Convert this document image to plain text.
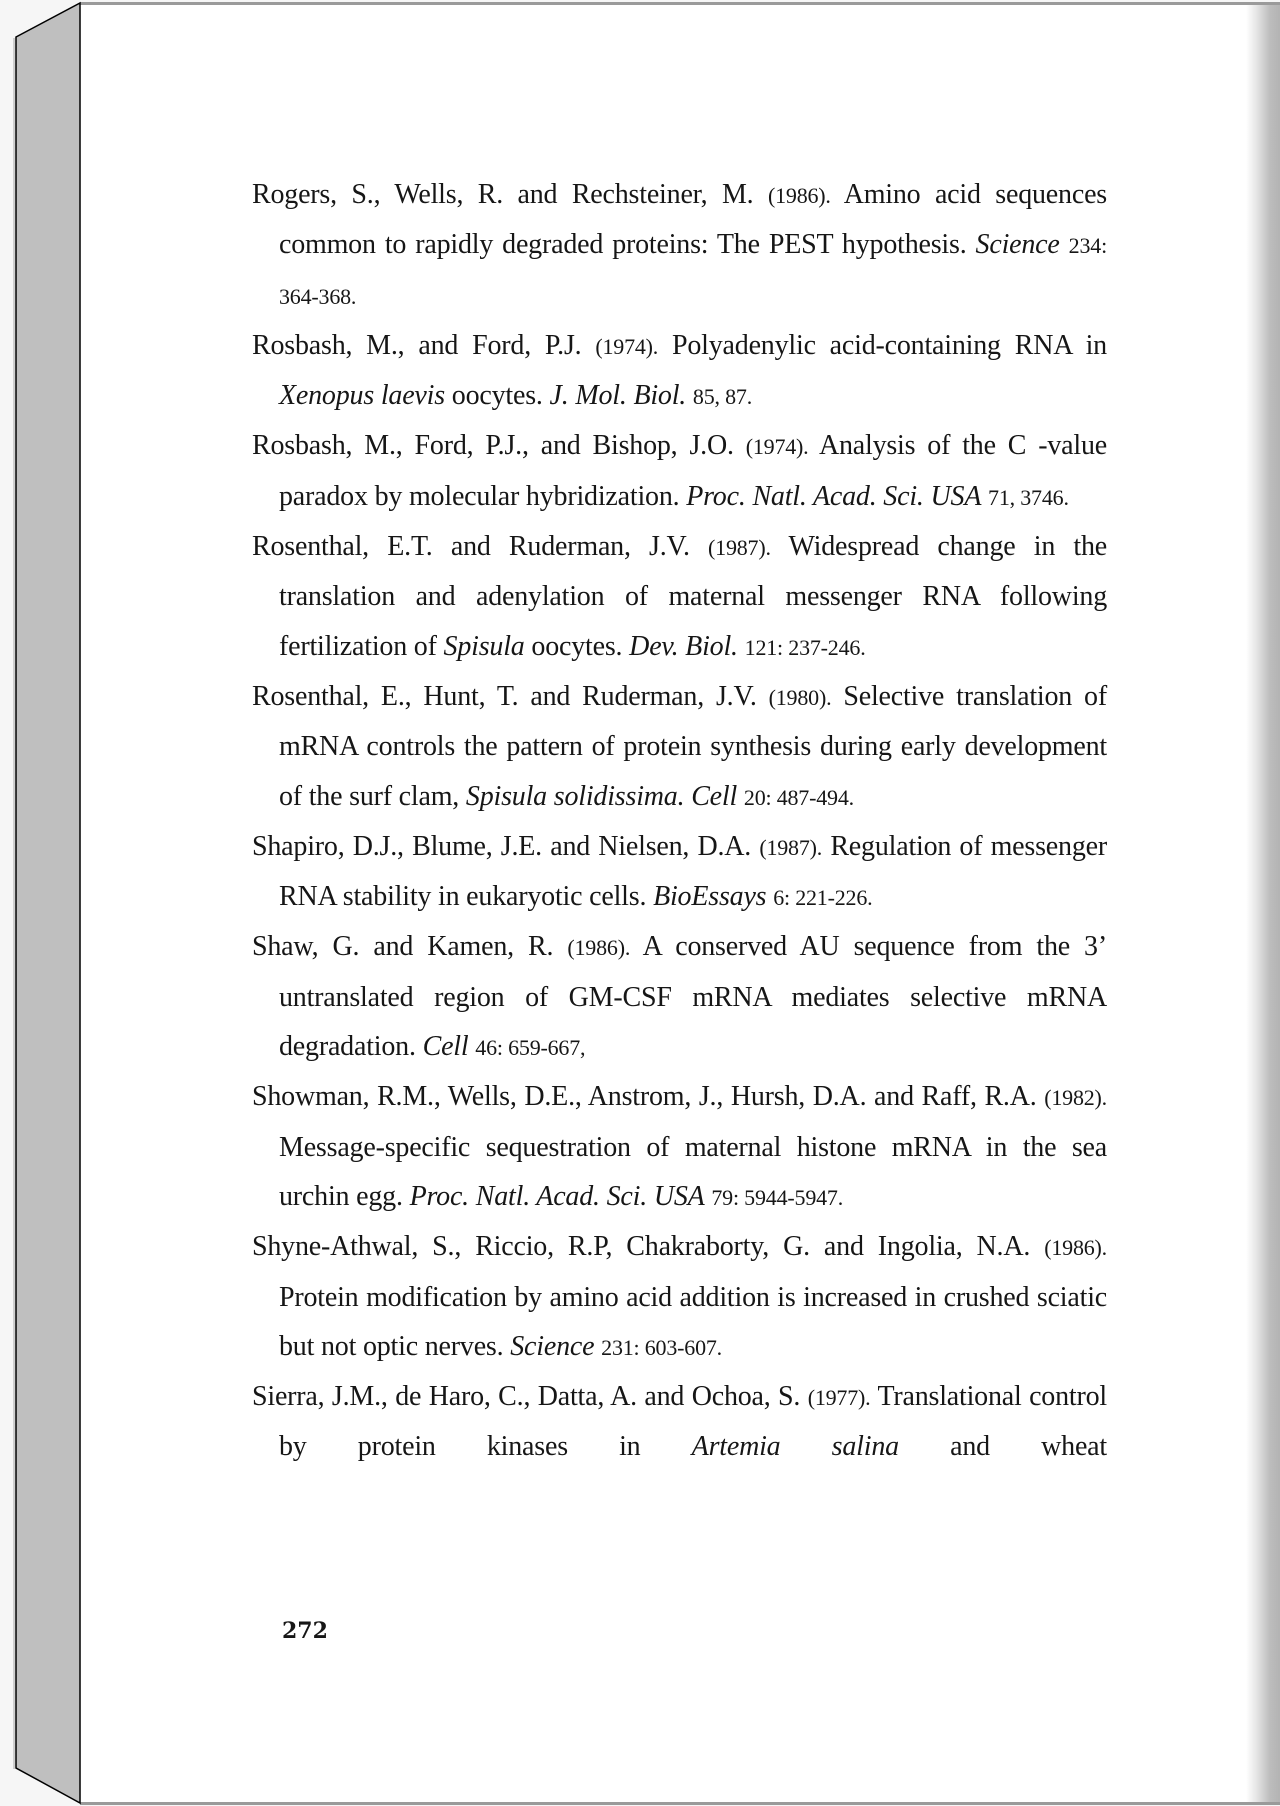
Rogers, S., Wells, R. and Rechsteiner, M. (1986). Amino acid sequences common to rapidly degraded proteins: The PEST hypothesis. Science 234: 364-368.

Rosbash, M., and Ford, P.J. (1974). Polyadenylic acid-containing RNA in Xenopus laevis oocytes. J. Mol. Biol. 85, 87.

Rosbash, M., Ford, P.J., and Bishop, J.O. (1974). Analysis of the C -value paradox by molecular hybridization. Proc. Natl. Acad. Sci. USA 71, 3746.

Rosenthal, E.T. and Ruderman, J.V. (1987). Widespread change in the translation and adenylation of maternal messenger RNA following fertilization of Spisula oocytes. Dev. Biol. 121: 237-246.

Rosenthal, E., Hunt, T. and Ruderman, J.V. (1980). Selective translation of mRNA controls the pattern of protein synthesis during early development of the surf clam, Spisula solidissima. Cell 20: 487-494.

Shapiro, D.J., Blume, J.E. and Nielsen, D.A. (1987). Regulation of messenger RNA stability in eukaryotic cells. BioEssays 6: 221-226.

Shaw, G. and Kamen, R. (1986). A conserved AU sequence from the 3’ untranslated region of GM-CSF mRNA mediates selective mRNA degradation. Cell 46: 659-667,

Showman, R.M., Wells, D.E., Anstrom, J., Hursh, D.A. and Raff, R.A. (1982). Message-specific sequestration of maternal histone mRNA in the sea urchin egg. Proc. Natl. Acad. Sci. USA 79: 5944-5947.

Shyne-Athwal, S., Riccio, R.P, Chakraborty, G. and Ingolia, N.A. (1986). Protein modification by amino acid addition is increased in crushed sciatic but not optic nerves. Science 231: 603-607.

Sierra, J.M., de Haro, C., Datta, A. and Ochoa, S. (1977). Translational control by protein kinases in Artemia salina and wheat

272
